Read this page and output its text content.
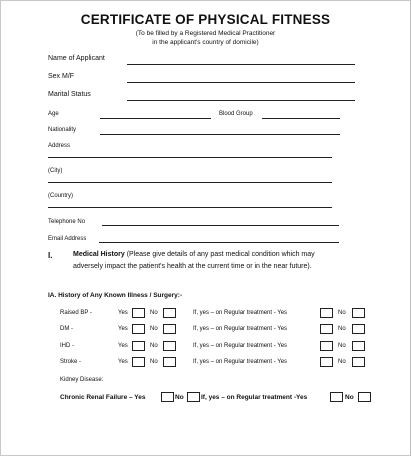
CERTIFICATE OF PHYSICAL FITNESS
(To be filled by a Registered Medical Practitioner
in the applicant's country of domicile)
Name of Applicant
Sex M/F
Marital Status
Age	Blood Group
Nationality
Address
(City)
(Country)
Telephone No
Email Address
I.	Medical History (Please give details of any past medical condition which may
adversely impact the patient's health at the current time or in the near future).
IA. History of Any Known Illness / Surgery:-
Raised BP -	Yes	No	If, yes – on Regular treatment - Yes	No
DM -	Yes	No	If, yes – on Regular treatment - Yes	No
IHD -	Yes	No	If, yes – on Regular treatment - Yes	No
Stroke -	Yes	No	If, yes – on Regular treatment - Yes	No
Kidney Disease:
Chronic Renal Failure – Yes	No	If, yes – on Regular treatment -Yes	No
